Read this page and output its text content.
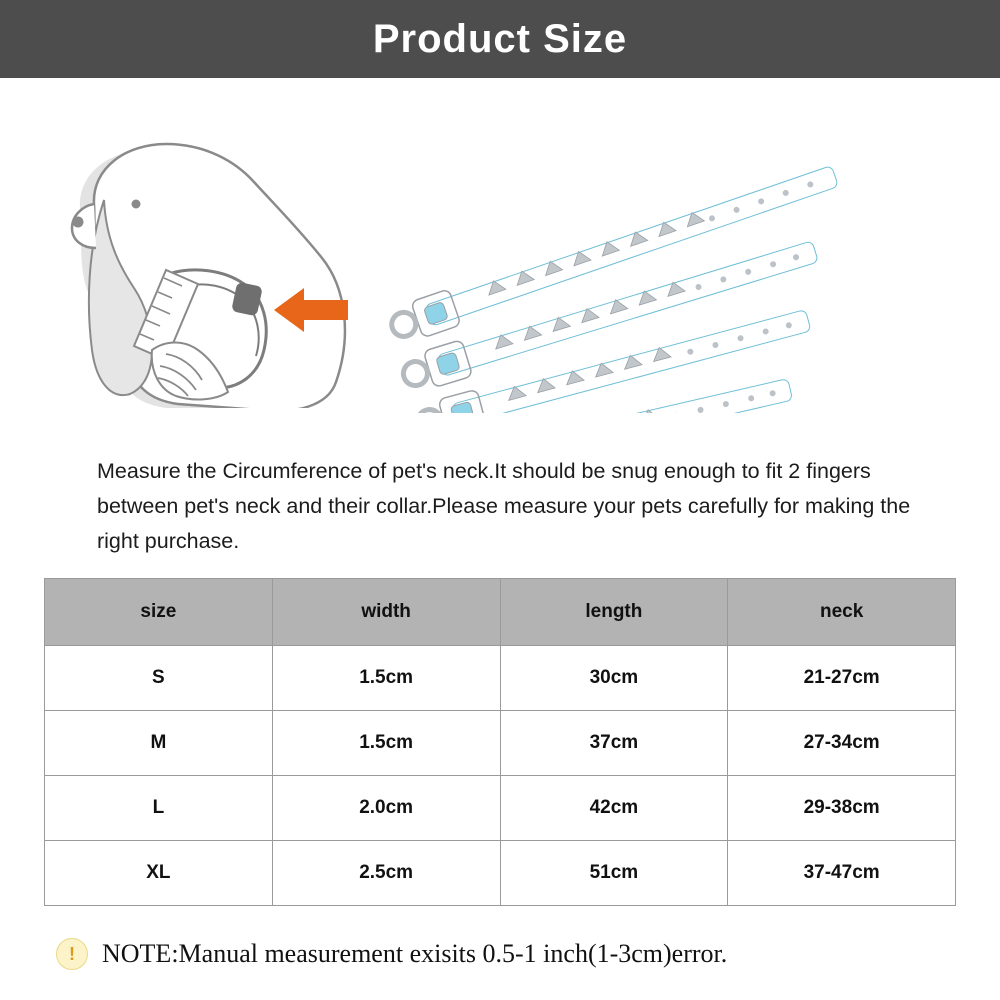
Product Size

Measure the Circumference of pet's neck.It should be snug enough to fit 2 fingers between pet's neck and their collar.Please measure your pets carefully for making the right purchase.

size	width	length	neck
S	1.5cm	30cm	21-27cm
M	1.5cm	37cm	27-34cm
L	2.0cm	42cm	29-38cm
XL	2.5cm	51cm	37-47cm
!	NOTE:Manual measurement exisits 0.5-1 inch(1-3cm)error.
